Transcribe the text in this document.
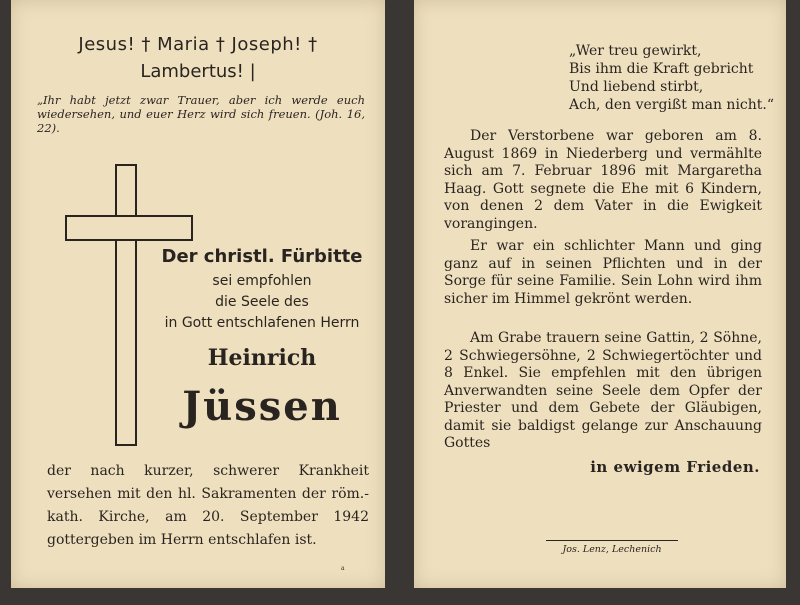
Jesus! † Maria † Joseph! †
Lambertus! |
„Ihr habt jetzt zwar Trauer, aber ich werde euch wiedersehen, und euer Herz wird sich freuen. (Joh. 16, 22).
Der christl. Fürbitte
sei empfohlen
die Seele des
in Gott entschlafenen Herrn
Heinrich
Jüssen
der nach kurzer, schwerer Krankheit versehen mit den hl. Sakramenten der röm.-kath. Kirche, am 20. September 1942 gottergeben im Herrn entschlafen ist.
a
„Wer treu gewirkt,
Bis ihm die Kraft gebricht
Und liebend stirbt,
Ach, den vergißt man nicht.“
Der Verstorbene war geboren am 8. August 1869 in Niederberg und vermählte sich am 7. Februar 1896 mit Margaretha Haag. Gott segnete die Ehe mit 6 Kindern, von denen 2 dem Vater in die Ewigkeit vorangingen.
Er war ein schlichter Mann und ging ganz auf in seinen Pflichten und in der Sorge für seine Familie. Sein Lohn wird ihm sicher im Himmel gekrönt werden.
Am Grabe trauern seine Gattin, 2 Söhne, 2 Schwiegersöhne, 2 Schwiegertöchter und 8 Enkel. Sie empfehlen mit den übrigen Anverwandten seine Seele dem Opfer der Priester und dem Gebete der Gläubigen, damit sie baldigst gelange zur Anschauung Gottes
in ewigem Frieden.
Jos. Lenz, Lechenich
